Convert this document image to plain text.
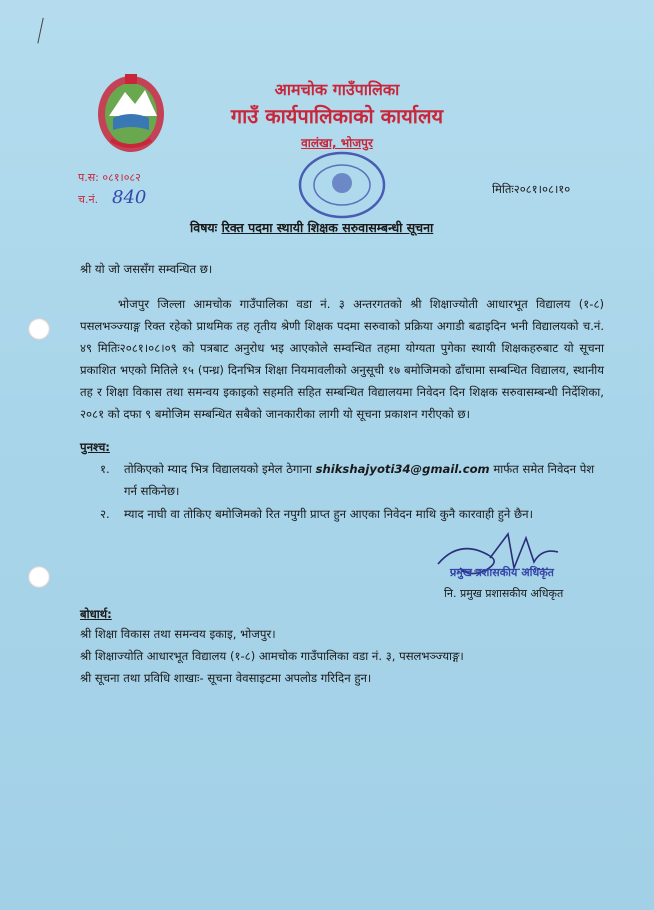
आमचोक गाउँपालिका
गाउँ कार्यपालिकाको कार्यालय
वालंखा, भोजपुर
प.स: ०८१।०८२
च.नं. 840	मितिः२०८१।०८।१०
विषयः रिक्त पदमा स्थायी शिक्षक सरुवासम्बन्धी सूचना
श्री यो जो जससँग सम्वन्धित छ।
भोजपुर जिल्ला आमचोक गाउँपालिका वडा नं. ३ अन्तरगतको श्री शिक्षाज्योती आधारभूत विद्यालय (१-८) पसलभञ्ज्याङ्ग रिक्त रहेको प्राथमिक तह तृतीय श्रेणी शिक्षक पदमा सरुवाको प्रक्रिया अगाडी बढाइदिन भनी विद्यालयको च.नं. ४९ मितिः२०८१।०८।०९ को पत्रबाट अनुरोध भइ आएकोले सम्वन्धित तहमा योग्यता पुगेका स्थायी शिक्षकहरुबाट यो सूचना प्रकाशित भएको मितिले १५ (पन्ध्र) दिनभित्र शिक्षा नियमावलीको अनुसूची १७ बमोजिमको ढाँचामा सम्बन्धित विद्यालय, स्थानीय तह र शिक्षा विकास तथा समन्वय इकाइको सहमति सहित सम्बन्धित विद्यालयमा निवेदन दिन शिक्षक सरुवासम्बन्धी निर्देशिका, २०८१ को दफा ९ बमोजिम सम्बन्धित सबैको जानकारीका लागी यो सूचना प्रकाशन गरीएको छ।
पुनश्च:
१. तोकिएको म्याद भित्र विद्यालयको इमेल ठेगाना shikshajyoti34@gmail.com मार्फत समेत निवेदन पेश
गर्न सकिनेछ।
२. म्याद नाघी वा तोकिए बमोजिमको रित नपुगी प्राप्त हुन आएका निवेदन माथि कुनै कारवाही हुने छैन।
प्रमुख प्रशासकीय अधिकृत
नि. प्रमुख प्रशासकीय अधिकृत
बोधार्थ:
श्री शिक्षा विकास तथा समन्वय इकाइ, भोजपुर।
श्री शिक्षाज्योति आधारभूत विद्यालय (१-८) आमचोक गाउँपालिका वडा नं. ३, पसलभञ्ज्याङ्ग।
श्री सूचना तथा प्रविधि शाखाः- सूचना वेवसाइटमा अपलोड गरिदिन हुन।
